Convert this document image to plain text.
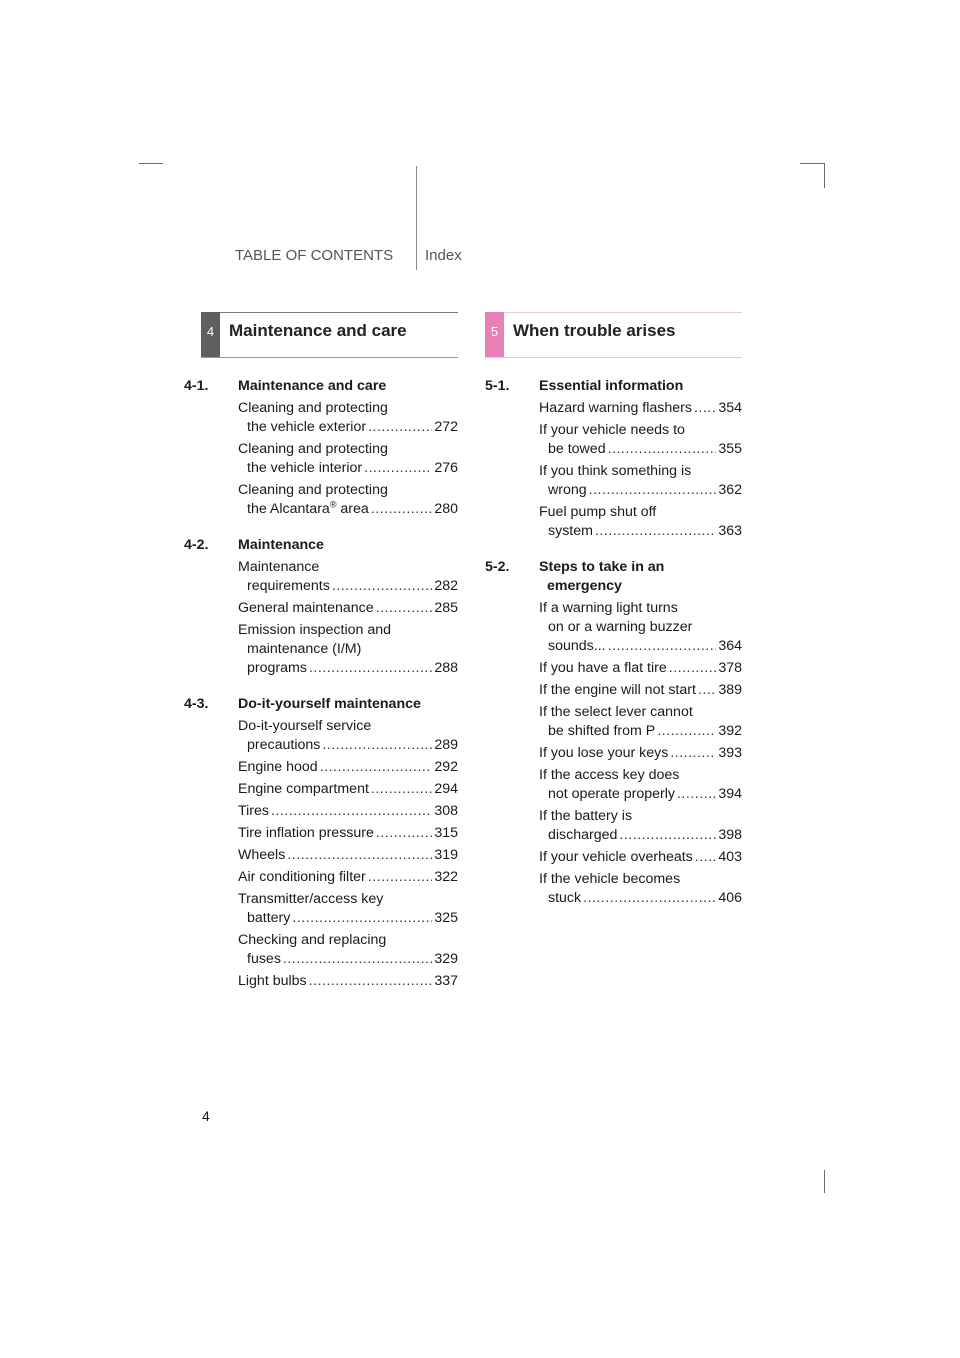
TABLE OF CONTENTS Index
4 Maintenance and care	5 When trouble arises
4-1. Maintenance and care
Cleaning and protecting
the vehicle exterior .....	272
Cleaning and protecting
the vehicle interior .....	276
Cleaning and protecting
the Alcantara® area .....	280
4-2. Maintenance
Maintenance
requirements .....	282
General maintenance .....	285
Emission inspection and
maintenance (I/M)
programs .....	288
4-3. Do-it-yourself maintenance
Do-it-yourself service
precautions .....	289
Engine hood .....	292
Engine compartment .....	294
Tires .....	308
Tire inflation pressure .....	315
Wheels .....	319
Air conditioning filter .....	322
Transmitter/access key
battery .....	325
Checking and replacing
fuses .....	329
Light bulbs .....	337
5-1. Essential information
Hazard warning flashers ..... 354
If your vehicle needs to
be towed .....	355
If you think something is
wrong .....	362
Fuel pump shut off
system .....	363
5-2. Steps to take in an
emergency
If a warning light turns
on or a warning buzzer
sounds... .....	364
If you have a flat tire .....	378
If the engine will not start ..... 389
If the select lever cannot
be shifted from P .....	392
If you lose your keys .....	393
If the access key does
not operate properly .....	394
If the battery is
discharged .....	398
If your vehicle overheats ..... 403
If the vehicle becomes
stuck .....	406
4
